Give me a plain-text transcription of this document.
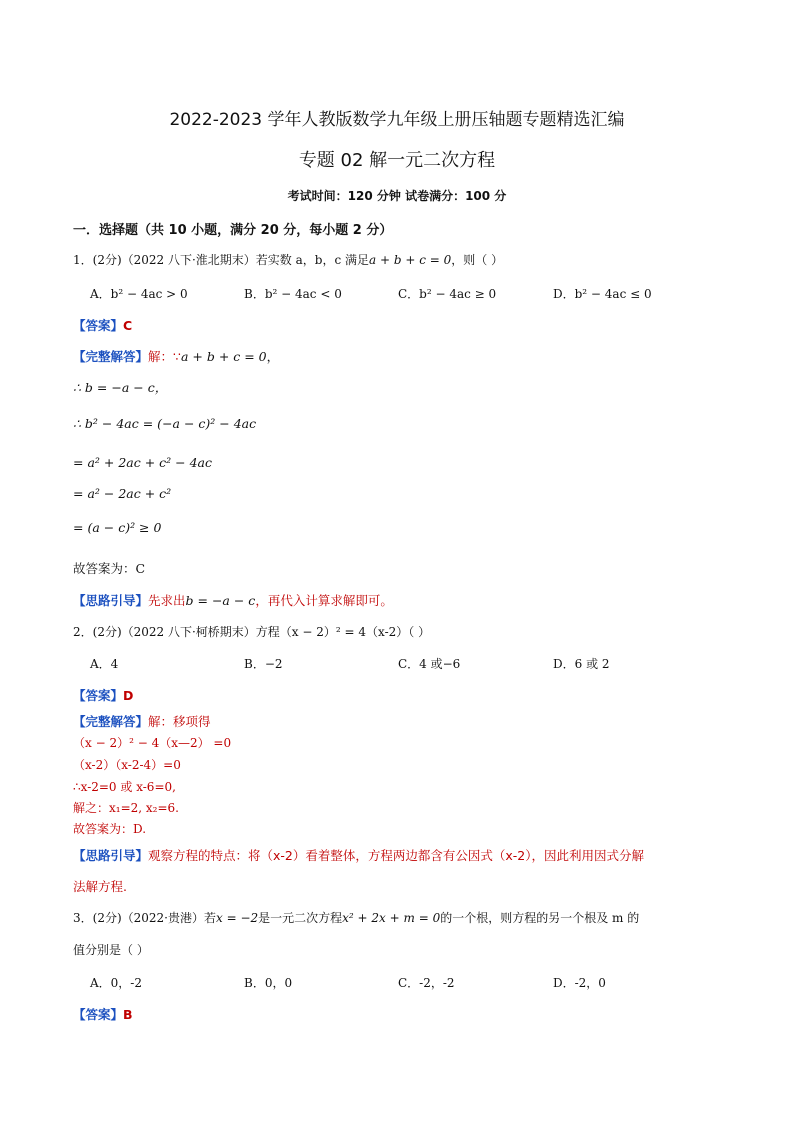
2022-2023 学年人教版数学九年级上册压轴题专题精选汇编
专题 02 解一元二次方程
考试时间：120 分钟 试卷满分：100 分
一．选择题（共 10 小题，满分 20 分，每小题 2 分）
1．(2分)（2022 八下·淮北期末）若实数 a，b，c 满足a + b + c = 0，则（ ）
A．b² − 4ac > 0	B．b² − 4ac < 0	C．b² − 4ac ≥ 0	D．b² − 4ac ≤ 0
【答案】C
【完整解答】解：∵a + b + c = 0，
∴ b = −a − c，
∴ b² − 4ac = (−a − c)² − 4ac
= a² + 2ac + c² − 4ac
= a² − 2ac + c²
= (a − c)² ≥ 0
故答案为：C
【思路引导】先求出b = −a − c，再代入计算求解即可。
2．(2分)（2022 八下·柯桥期末）方程（x − 2）² = 4（x-2）（ ）
A．4	B．−2	C．4 或−6	D．6 或 2
【答案】D
【完整解答】解：移项得
（x − 2）² − 4（x—2） =0
（x-2）（x-2-4）=0
∴x-2=0 或 x-6=0,
解之：x₁=2, x₂=6.
故答案为：D.
【思路引导】观察方程的特点：将（x-2）看着整体，方程两边都含有公因式（x-2），因此利用因式分解
法解方程.
3．(2分)（2022·贵港）若x = −2是一元二次方程x² + 2x + m = 0的一个根，则方程的另一个根及 m 的
值分别是（ ）
A．0，-2	B．0，0	C．-2，-2	D．-2，0
【答案】B
